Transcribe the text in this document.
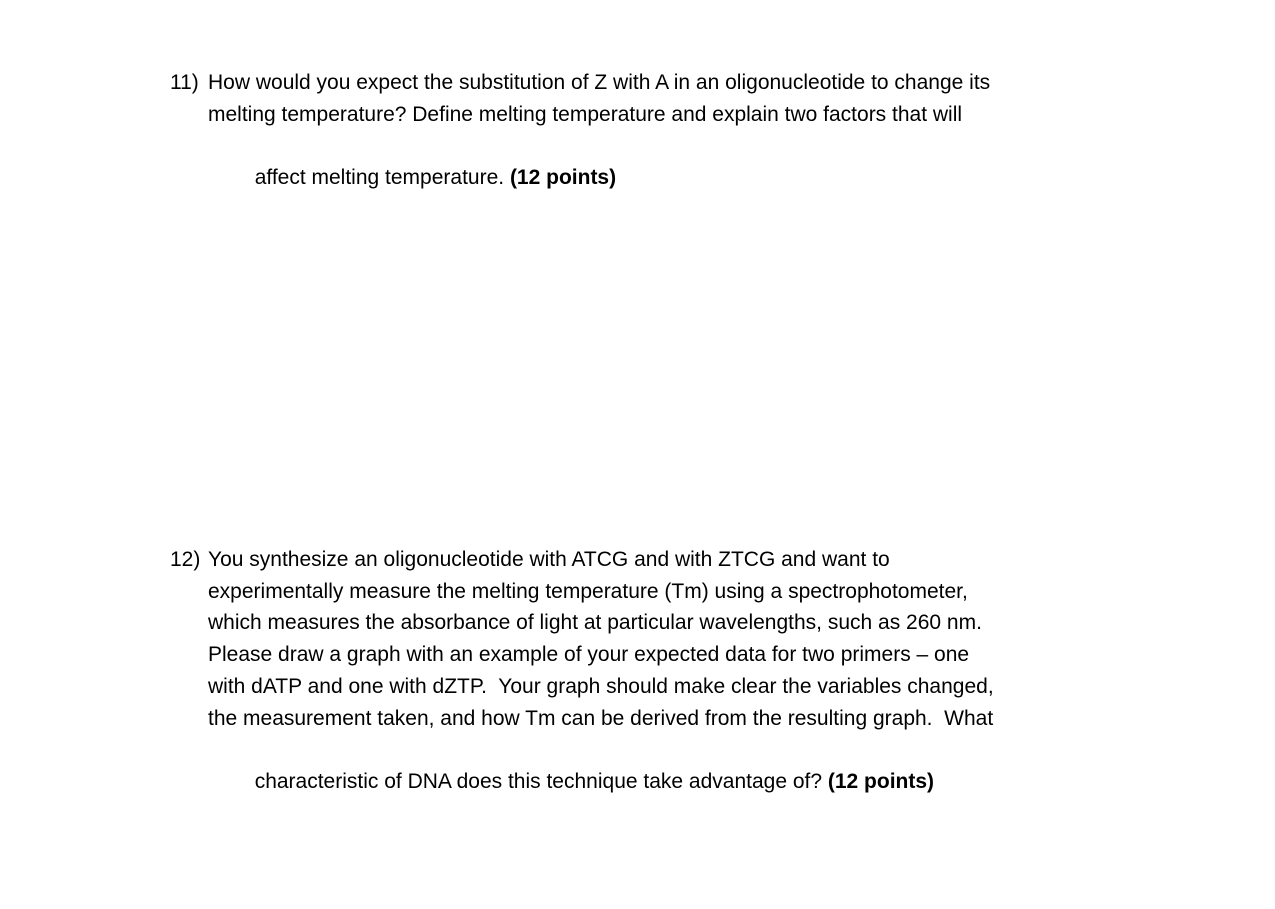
11) How would you expect the substitution of Z with A in an oligonucleotide to change its
melting temperature? Define melting temperature and explain two factors that will

affect melting temperature. (12 points)

12) You synthesize an oligonucleotide with ATCG and with ZTCG and want to
experimentally measure the melting temperature (Tm) using a spectrophotometer,
which measures the absorbance of light at particular wavelengths, such as 260 nm.
Please draw a graph with an example of your expected data for two primers – one
with dATP and one with dZTP.  Your graph should make clear the variables changed,
the measurement taken, and how Tm can be derived from the resulting graph.  What

characteristic of DNA does this technique take advantage of? (12 points)
